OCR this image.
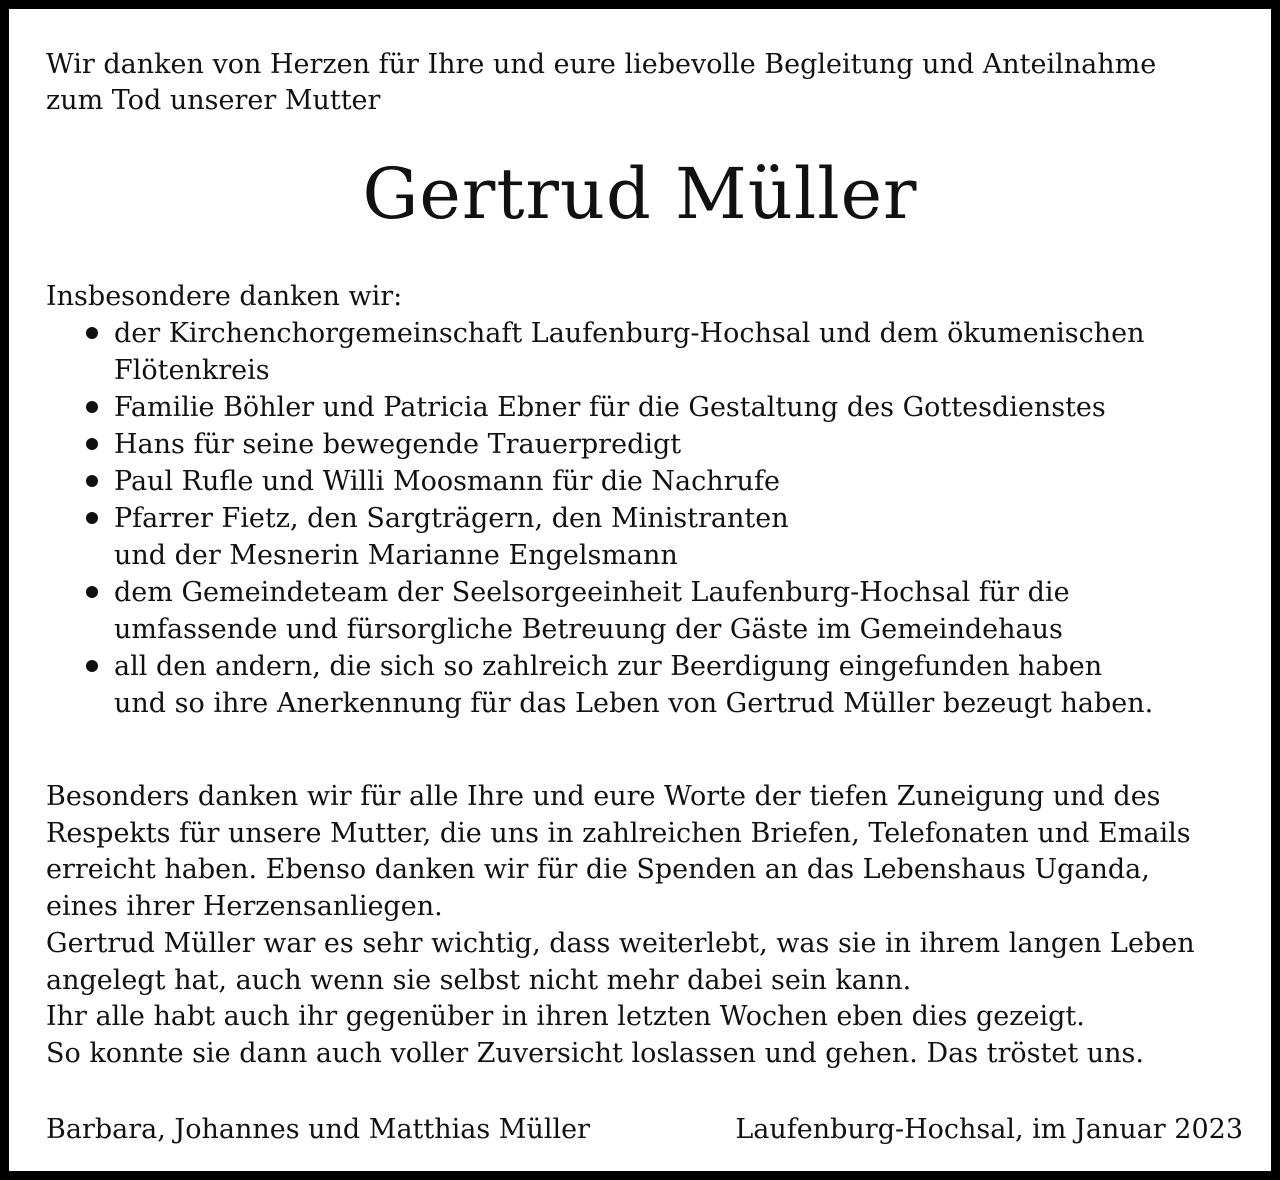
Wir danken von Herzen für Ihre und eure liebevolle Begleitung und Anteilnahme
zum Tod unserer Mutter

Gertrud Müller

Insbesondere danken wir:

der Kirchenchorgemeinschaft Laufenburg-Hochsal und dem ökumenischen
Flötenkreis
Familie Böhler und Patricia Ebner für die Gestaltung des Gottesdienstes
Hans für seine bewegende Trauerpredigt
Paul Rufle und Willi Moosmann für die Nachrufe
Pfarrer Fietz, den Sargträgern, den Ministranten
und der Mesnerin Marianne Engelsmann
dem Gemeindeteam der Seelsorgeeinheit Laufenburg-Hochsal für die
umfassende und fürsorgliche Betreuung der Gäste im Gemeindehaus
all den andern, die sich so zahlreich zur Beerdigung eingefunden haben
und so ihre Anerkennung für das Leben von Gertrud Müller bezeugt haben.

Besonders danken wir für alle Ihre und eure Worte der tiefen Zuneigung und des
Respekts für unsere Mutter, die uns in zahlreichen Briefen, Telefonaten und Emails
erreicht haben. Ebenso danken wir für die Spenden an das Lebenshaus Uganda,
eines ihrer Herzensanliegen.

Gertrud Müller war es sehr wichtig, dass weiterlebt, was sie in ihrem langen Leben
angelegt hat, auch wenn sie selbst nicht mehr dabei sein kann.
Ihr alle habt auch ihr gegenüber in ihren letzten Wochen eben dies gezeigt.
So konnte sie dann auch voller Zuversicht loslassen und gehen. Das tröstet uns.

Barbara, Johannes und Matthias Müller	Laufenburg-Hochsal, im Januar 2023
